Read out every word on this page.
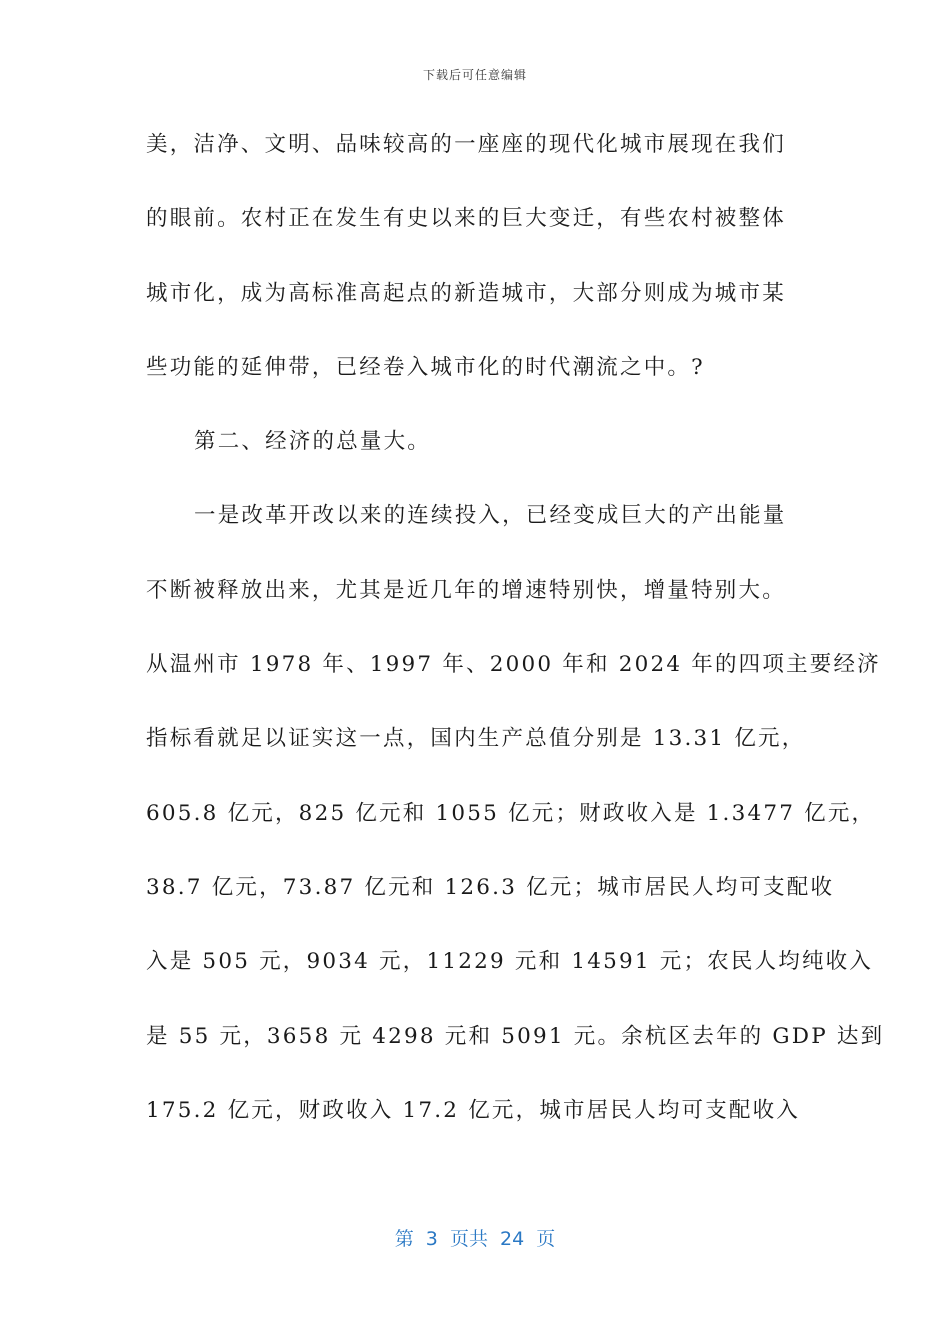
下载后可任意编辑
美，洁净、文明、品味较高的一座座的现代化城市展现在我们
的眼前。农村正在发生有史以来的巨大变迁，有些农村被整体
城市化，成为高标准高起点的新造城市，大部分则成为城市某
些功能的延伸带，已经卷入城市化的时代潮流之中。?
第二、经济的总量大。
一是改革开改以来的连续投入，已经变成巨大的产出能量
不断被释放出来，尤其是近几年的增速特别快，增量特别大。
从温州市 1978 年、1997 年、2000 年和 2024 年的四项主要经济
指标看就足以证实这一点，国内生产总值分别是 13.31 亿元，
605.8 亿元，825 亿元和 1055 亿元；财政收入是 1.3477 亿元，
38.7 亿元，73.87 亿元和 126.3 亿元；城市居民人均可支配收
入是 505 元，9034 元，11229 元和 14591 元；农民人均纯收入
是 55 元，3658 元 4298 元和 5091 元。余杭区去年的 GDP 达到
175.2 亿元，财政收入 17.2 亿元，城市居民人均可支配收入
第  3  页共  24  页
